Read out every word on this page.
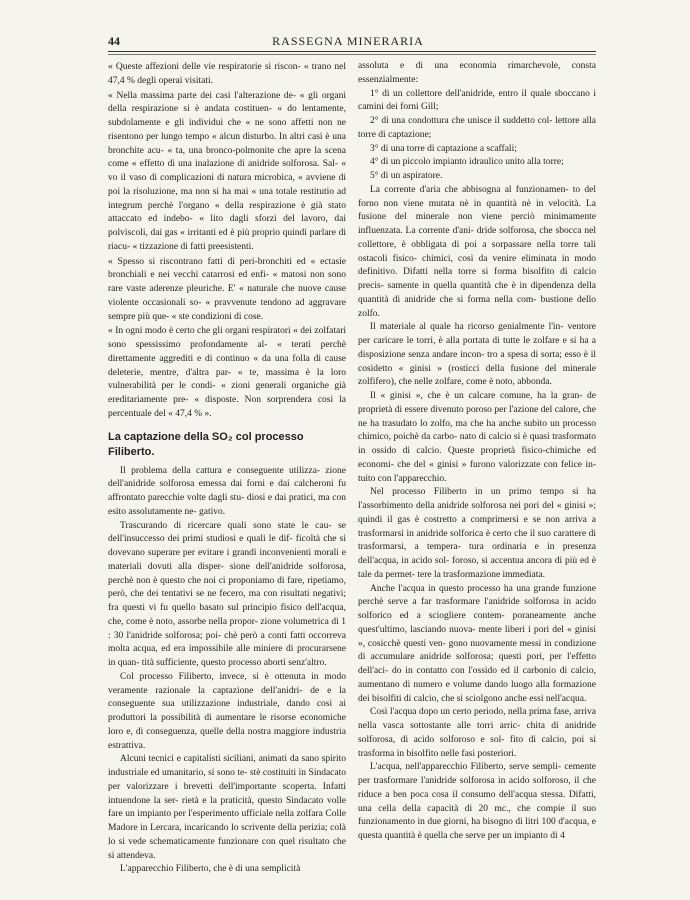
44	RASSEGNA MINERARIA

« Queste affezioni delle vie respiratorie si riscon- « trano nel 47,4 % degli operai visitati.

« Nella massima parte dei casi l'alterazione de- « gli organi della respirazione si è andata costituen- « do lentamente, subdolamente e gli individui che « ne sono affetti non ne risentono per lungo tempo « alcun disturbo. In altri casi è una bronchite acu- « ta, una bronco-polmonite che apre la scena come « effetto di una inalazione di anidride solforosa. Sal- « vo il vaso di complicazioni di natura microbica, « avviene di poi la risoluzione, ma non si ha mai « una totale restitutio ad integrum perchè l'organo « della respirazione è già stato attaccato ed indebo- « lito dagli sforzi del lavoro, dai polviscoli, dai gas « irritanti ed è più proprio quindi parlare di riacu- « tizzazione di fatti preesistenti.

« Spesso si riscontrano fatti di peri-bronchiti ed « ectasie bronchiali e nei vecchi catarrosi ed enfi- « matosi non sono rare vaste aderenze pleuriche. E' « naturale che nuove cause violente occasionali so- « pravvenute tendono ad aggravare sempre più que- « ste condizioni di cose.

« In ogni modo è certo che gli organi respiratori « dei zolfatari sono spessissimo profondamente al- « terati perchè direttamente aggrediti e di continuo « da una folla di cause deleterie, mentre, d'altra par- « te, massima è la loro vulnerabilità per le condi- « zioni generali organiche già ereditariamente pre- « disposte. Non sorprendera così la percentuale del « 47,4 % ».

La captazione della SO₂ col processo Filiberto.

Il problema della cattura e conseguente utilizza- zione dell'anidride solforosa emessa dai forni e dai calcheroni fu affrontato parecchie volte dagli stu- diosi e dai pratici, ma con esito assolutamente ne- gativo.

Trascurando di ricercare quali sono state le cau- se dell'insuccesso dei primi studiosi e quali le dif- ficoltà che si dovevano superare per evitare i grandi inconvenienti morali e materiali dovuti alla disper- sione dell'anidride solforosa, perchè non è questo che noi ci proponiamo di fare, ripetiamo, però, che dei tentativi se ne fecero, ma con risultati negativi; fra questi vi fu quello basato sul principio fisico dell'acqua, che, come è noto, assorbe nella propor- zione volumetrica di 1 : 30 l'anidride solforosa; poi- chè però a conti fatti occorreva molta acqua, ed era impossibile alle miniere di procurarsene in quan- tità sufficiente, questo processo abortì senz'altro.

Col processo Filiberto, invece, si è ottenuta in modo veramente razionale la captazione dell'anidri- de e la conseguente sua utilizzazione industriale, dando così ai produttori la possibilità di aumentare le risorse economiche loro e, di conseguenza, quelle della nostra maggiore industria estrattiva.

Alcuni tecnici e capitalisti siciliani, animati da sano spirito industriale ed umanitario, si sono te- stè costituiti in Sindacato per valorizzare i brevetti dell'importante scoperta. Infatti intuendone la ser- rietà e la praticità, questo Sindacato volle fare un impianto per l'esperimento ufficiale nella zolfara Colle Madore in Lercara, incaricando lo scrivente della perizia; colà lo si vede schematicamente funzionare con quel risultato che si attendeva.

L'apparecchio Filiberto, che è di una semplicità

assoluta e di una economia rimarchevole, consta essenzialmente:

1° di un collettore dell'anidride, entro il quale sboccano i camini dei forni Gill;

2° di una condottura che unisce il suddetto col- lettore alla torre di captazione;

3° di una torre di captazione a scaffali;

4° di un piccolo impianto idraulico unito alla torre;

5° di un aspiratore.

La corrente d'aria che abbisogna al funzionamen- to del forno non viene mutata nè in quantità nè in velocità. La fusione del minerale non viene perciò minimamente influenzata. La corrente d'ani- dride solforosa, che sbocca nel collettore, è obbligata di poi a sorpassare nella torre tali ostacoli fisico- chimici, così da venire eliminata in modo definitivo. Difatti nella torre si forma bisolfito di calcio precis- samente in quella quantità che è in dipendenza della quantità di anidride che si forma nella com- bustione dello zolfo.

Il materiale al quale ha ricorso genialmente l'in- ventore per caricare le torri, è alla portata di tutte le zolfare e si ha a disposizione senza andare incon- tro a spesa di sorta; esso è il cosidetto « ginisi » (rosticci della fusione del minerale zolfifero), che nelle zolfare, come è noto, abbonda.

Il « ginisi », che è un calcare comune, ha la gran- de proprietà di essere divenuto poroso per l'azione del calore, che ne ha trasudato lo zolfo, ma che ha anche subito un processo chimico, poichè da carbo- nato di calcio si è quasi trasformato in ossido di calcio. Queste proprietà fisico-chimiche ed economi- che del « ginisi » furono valorizzate con felice in- tuito con l'apparecchio.

Nel processo Filiberto in un primo tempo si ha l'assorbimento della anidride solforosa nei pori del « ginisi »; quindi il gas è costretto a comprimersi e se non arriva a trasformarsi in anidride solforica è certo che il suo carattere di trasformarsi, a tempera- tura ordinaria e in presenza dell'acqua, in acido sol- foroso, si accentua ancora di più ed è tale da permet- tere la trasformazione immediata.

Anche l'acqua in questo processo ha una grande funzione perchè serve a far trasformare l'anidride solforosa in acido solforico ed a sciogliere contem- poraneamente anche quest'ultimo, lasciando nuova- mente liberi i pori del « ginisi », cosicchè questi ven- gono nuovamente messi in condizione di accumulare anidride solforosa; questi pori, per l'effetto dell'aci- do in contatto con l'ossido ed il carbonio di calcio, aumentano di numero e volume dando luogo alla formazione dei bisolfiti di calcio, che si sciolgono anche essi nell'acqua.

Così l'acqua dopo un certo periodo, nella prima fase, arriva nella vasca sottostante alle torri arric- chita di anidride solforosa, di acido solforoso e sol- fito di calcio, poi si trasforma in bisolfito nelle fasi posteriori.

L'acqua, nell'apparecchio Filiberto, serve sempli- cemente per trasformare l'anidride solforosa in acido solforoso, il che riduce a ben poca cosa il consumo dell'acqua stessa. Difatti, una cella della capacità di 20 mc., che compie il suo funzionamento in due giorni, ha bisogno di litri 100 d'acqua, e questa quantità è quella che serve per un impianto di 4
